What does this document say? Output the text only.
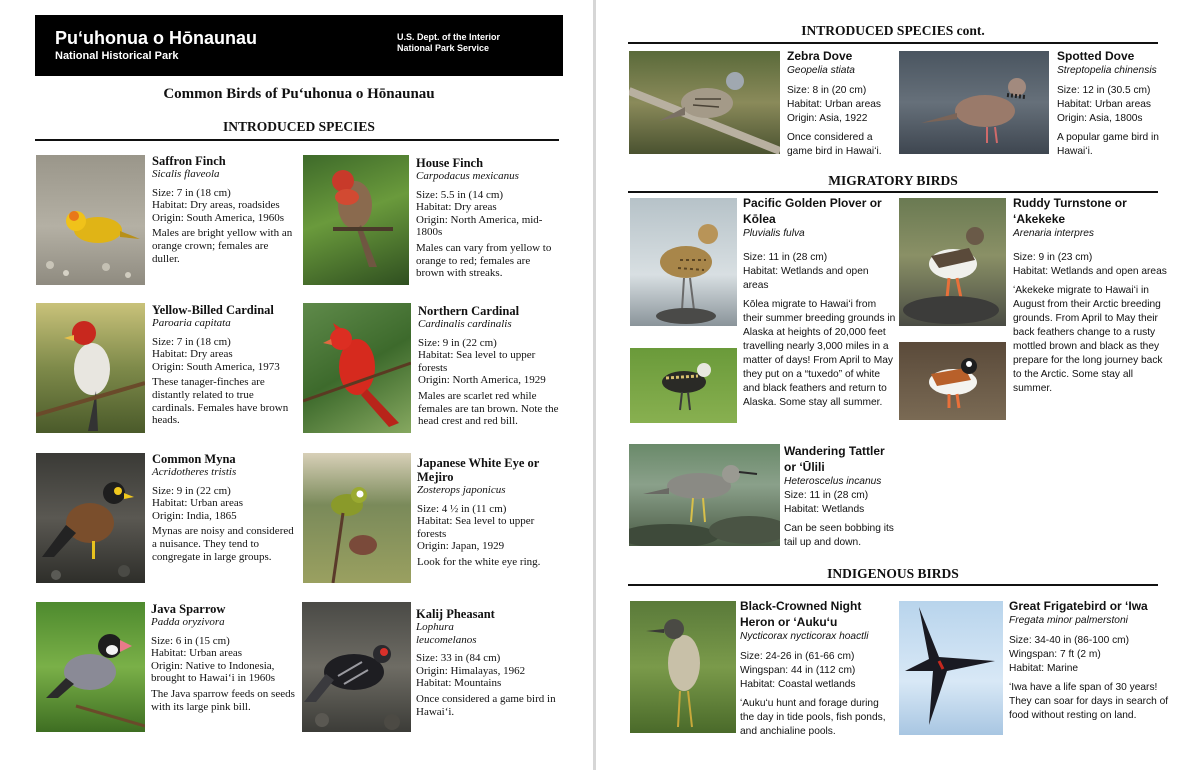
Puʻuhonua o Hōnaunau
National Historical Park
U.S. Dept. of the Interior
National Park Service
Common Birds of Puʻuhonua o Hōnaunau
INTRODUCED SPECIES
Saffron Finch
Sicalis flaveola
Size: 7 in (18 cm)
Habitat: Dry areas, roadsides
Origin: South America, 1960s
Males are bright yellow with an orange crown; females are duller.
House Finch
Carpodacus mexicanus
Size: 5.5 in (14 cm)
Habitat: Dry areas
Origin: North America, mid-1800s
Males can vary from yellow to orange to red; females are brown with streaks.
Yellow-Billed Cardinal
Paroaria capitata
Size: 7 in (18 cm)
Habitat: Dry areas
Origin: South America, 1973
These tanager-finches are distantly related to true cardinals. Females have brown heads.
Northern Cardinal
Cardinalis cardinalis
Size: 9 in (22 cm)
Habitat: Sea level to upper forests
Origin: North America, 1929
Males are scarlet red while females are tan brown. Note the head crest and red bill.
Common Myna
Acridotheres tristis
Size: 9 in (22 cm)
Habitat: Urban areas
Origin: India, 1865
Mynas are noisy and considered a nuisance. They tend to congregate in large groups.
Japanese White Eye or Mejiro
Zosterops japonicus
Size: 4 ½ in (11 cm)
Habitat: Sea level to upper forests
Origin: Japan, 1929
Look for the white eye ring.
Java Sparrow
Padda oryzivora
Size: 6 in (15 cm)
Habitat: Urban areas
Origin: Native to Indonesia, brought to Hawaiʻi in 1960s
The Java sparrow feeds on seeds with its large pink bill.
Kalij Pheasant
Lophura leucomelanos
Size: 33 in (84 cm)
Origin: Himalayas, 1962
Habitat: Mountains
Once considered a game bird in Hawaiʻi.
INTRODUCED SPECIES cont.
Zebra Dove
Geopelia stiata
Size: 8 in (20 cm)
Habitat: Urban areas
Origin: Asia, 1922
Once considered a game bird in Hawaiʻi.
Spotted Dove
Streptopelia chinensis
Size: 12 in (30.5 cm)
Habitat: Urban areas
Origin: Asia, 1800s
A popular game bird in Hawaiʻi.
MIGRATORY BIRDS
Pacific Golden Plover or Kōlea
Pluvialis fulva
Size: 11 in (28 cm)
Habitat: Wetlands and open areas
Kōlea migrate to Hawaiʻi from their summer breeding grounds in Alaska at heights of 20,000 feet travelling nearly 3,000 miles in a matter of days! From April to May they put on a “tuxedo” of white and black feathers and return to Alaska. Some stay all summer.
Ruddy Turnstone or ʻAkekeke
Arenaria interpres
Size: 9 in (23 cm)
Habitat: Wetlands and open areas
ʻAkekeke migrate to Hawaiʻi in August from their Arctic breeding grounds. From April to May their back feathers change to a rusty mottled brown and black as they prepare for the long journey back to the Arctic. Some stay all summer.
Wandering Tattler or ʻŪlili
Heteroscelus incanus
Size: 11 in (28 cm)
Habitat: Wetlands
Can be seen bobbing its tail up and down.
INDIGENOUS BIRDS
Black-Crowned Night Heron or ʻAukuʻu
Nycticorax nycticorax hoactli
Size: 24-26 in (61-66 cm)
Wingspan: 44 in (112 cm)
Habitat: Coastal wetlands
ʻAukuʻu hunt and forage during the day in tide pools, fish ponds, and anchialine pools.
Great Frigatebird or ʻIwa
Fregata minor palmerstoni
Size: 34-40 in (86-100 cm)
Wingspan: 7 ft (2 m)
Habitat: Marine
ʻIwa have a life span of 30 years! They can soar for days in search of food without resting on land.
